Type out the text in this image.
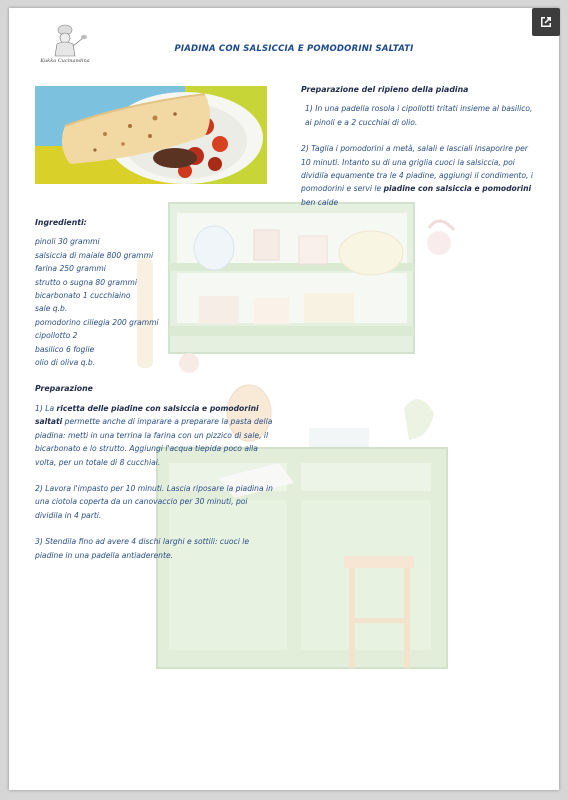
Kukka Cucinandina
PIADINA CON SALSICCIA E POMODORINI SALTATI

Preparazione del ripieno della piadina

1) In una padella rosola i cipollotti tritati insieme al basilico, ai pinoli e a 2 cucchiai di olio.

2) Taglia i pomodorini a metà, salali e lasciali insaporire per 10 minuti. Intanto su di una griglia cuoci la salsiccia, poi dividila equamente tra le 4 piadine, aggiungi il condimento, i pomodorini e servi le piadine con salsiccia e pomodorini ben calde

Ingredienti:

pinoli 30 grammi

salsiccia di maiale 800 grammi

farina 250 grammi

strutto o sugna 80 grammi

bicarbonato 1 cucchiaino

sale q.b.

pomodorino ciliegia 200 grammi

cipollotto 2

basilico 6 foglie

olio di oliva q.b.

Preparazione

1) La ricetta delle piadine con salsiccia e pomodorini saltati permette anche di imparare a preparare la pasta della piadina: metti in una terrina la farina con un pizzico di sale, il bicarbonato e lo strutto. Aggiungi l'acqua tiepida poco alla volta, per un totale di 8 cucchiai.

2) Lavora l'impasto per 10 minuti. Lascia riposare la piadina in una ciotola coperta da un canovaccio per 30 minuti, poi dividila in 4 parti.

3) Stendila fino ad avere 4 dischi larghi e sottili: cuoci le piadine in una padella antiaderente.
